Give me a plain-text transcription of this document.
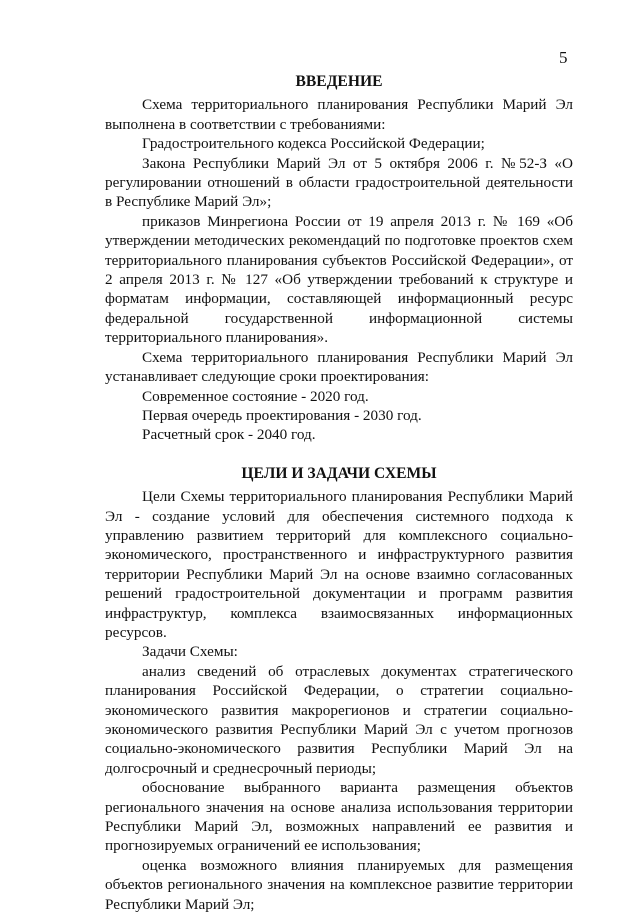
5
ВВЕДЕНИЕ

Схема территориального планирования Республики Марий Эл выполнена в соответствии с требованиями:

Градостроительного кодекса Российской Федерации;

Закона Республики Марий Эл от 5 октября 2006 г. №52-З «О регулировании отношений в области градостроительной деятельности в Республике Марий Эл»;

приказов Минрегиона России от 19 апреля 2013 г. № 169 «Об утверждении методических рекомендаций по подготовке проектов схем территориального планирования субъектов Российской Федерации», от 2 апреля 2013 г. № 127 «Об утверждении требований к структуре и форматам информации, составляющей информационный ресурс федеральной государственной информационной системы территориального планирования».

Схема территориального планирования Республики Марий Эл устанавливает следующие сроки проектирования:

Современное состояние - 2020 год.

Первая очередь проектирования - 2030 год.

Расчетный срок - 2040 год.

ЦЕЛИ И ЗАДАЧИ СХЕМЫ

Цели Схемы территориального планирования Республики Марий Эл - создание условий для обеспечения системного подхода к управлению развитием территорий для комплексного социально-экономического, пространственного и инфраструктурного развития территории Республики Марий Эл на основе взаимно согласованных решений градостроительной документации и программ развития инфраструктур, комплекса взаимосвязанных информационных ресурсов.

Задачи Схемы:

анализ сведений об отраслевых документах стратегического планирования Российской Федерации, о стратегии социально-экономического развития макрорегионов и стратегии социально-экономического развития Республики Марий Эл с учетом прогнозов социально-экономического развития Республики Марий Эл на долгосрочный и среднесрочный периоды;

обоснование выбранного варианта размещения объектов регионального значения на основе анализа использования территории Республики Марий Эл, возможных направлений ее развития и прогнозируемых ограничений ее использования;

оценка возможного влияния планируемых для размещения объектов регионального значения на комплексное развитие территории Республики Марий Эл;
